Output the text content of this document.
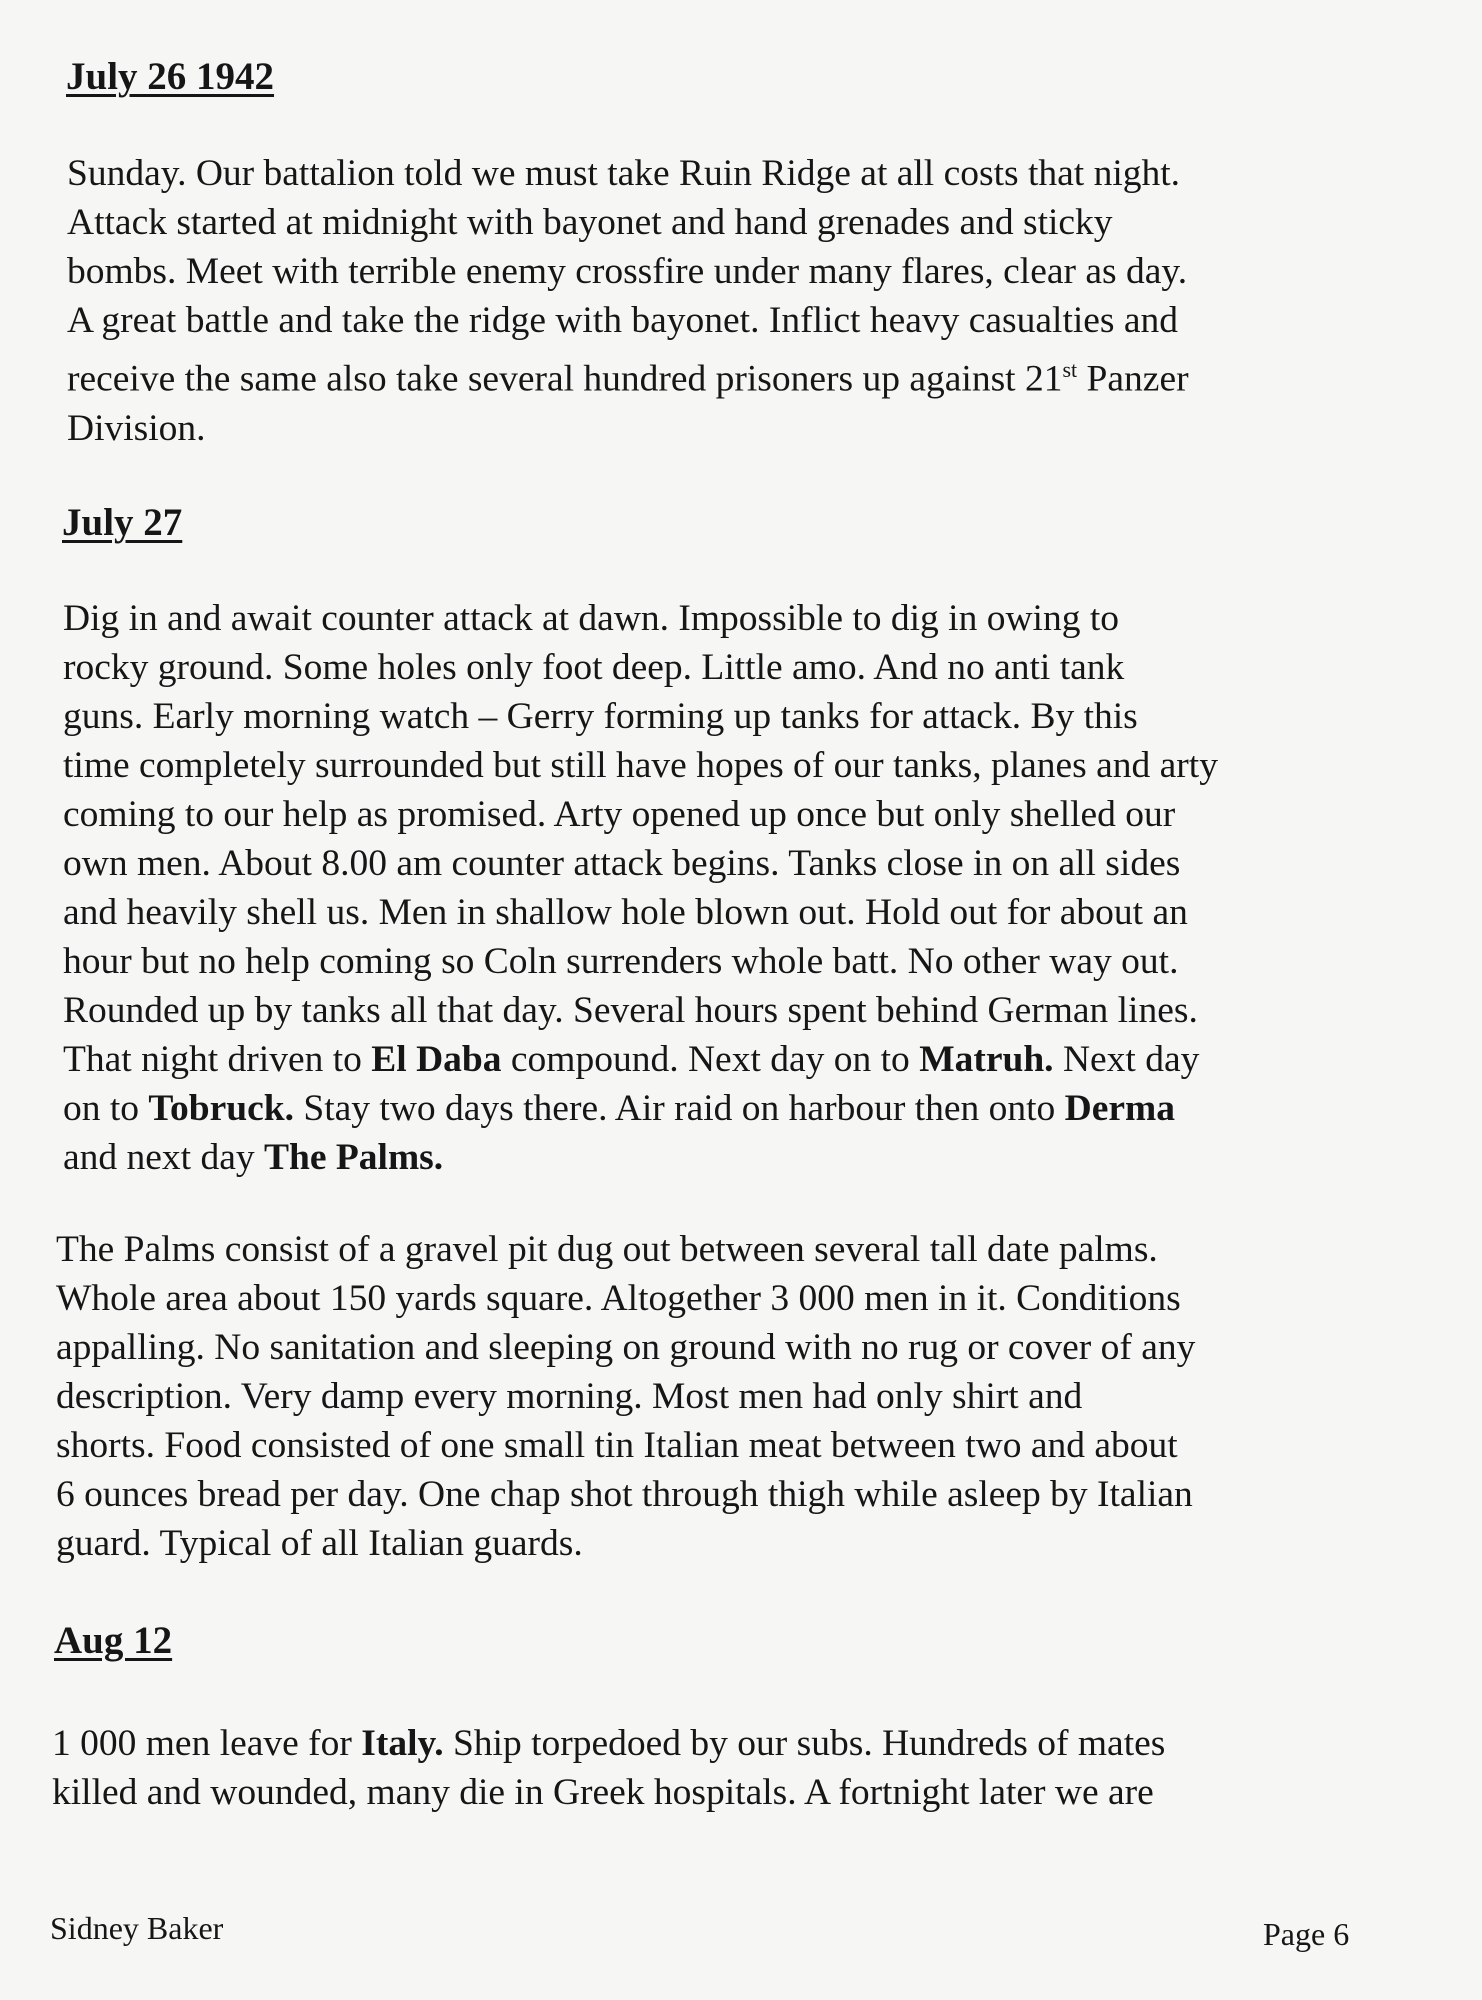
July 26 1942

Sunday. Our battalion told we must take Ruin Ridge at all costs that night.
Attack started at midnight with bayonet and hand grenades and sticky
bombs. Meet with terrible enemy crossfire under many flares, clear as day.
A great battle and take the ridge with bayonet. Inflict heavy casualties and
receive the same also take several hundred prisoners up against 21st Panzer
Division.

July 27

Dig in and await counter attack at dawn. Impossible to dig in owing to
rocky ground. Some holes only foot deep. Little amo. And no anti tank
guns. Early morning watch – Gerry forming up tanks for attack. By this
time completely surrounded but still have hopes of our tanks, planes and arty
coming to our help as promised. Arty opened up once but only shelled our
own men. About 8.00 am counter attack begins. Tanks close in on all sides
and heavily shell us. Men in shallow hole blown out. Hold out for about an
hour but no help coming so Coln surrenders whole batt. No other way out.
Rounded up by tanks all that day. Several hours spent behind German lines.
That night driven to El Daba compound. Next day on to Matruh. Next day
on to Tobruck. Stay two days there. Air raid on harbour then onto Derma
and next day The Palms.

The Palms consist of a gravel pit dug out between several tall date palms.
Whole area about 150 yards square. Altogether 3 000 men in it. Conditions
appalling. No sanitation and sleeping on ground with no rug or cover of any
description. Very damp every morning. Most men had only shirt and
shorts. Food consisted of one small tin Italian meat between two and about
6 ounces bread per day. One chap shot through thigh while asleep by Italian
guard. Typical of all Italian guards.

Aug 12

1 000 men leave for Italy. Ship torpedoed by our subs. Hundreds of mates
killed and wounded, many die in Greek hospitals. A fortnight later we are

Sidney Baker	Page 6
